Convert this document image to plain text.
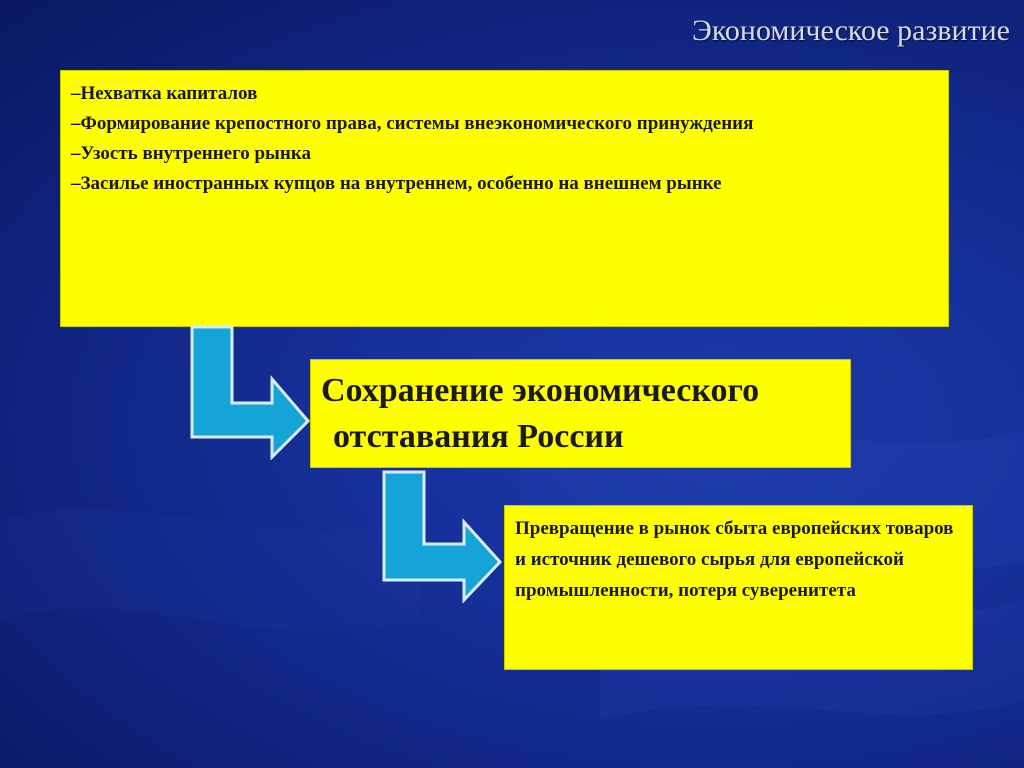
Экономическое развитие
– Нехватка капиталов
– Формирование крепостного права, системы внеэкономического принуждения
– Узость внутреннего рынка
– Засилье иностранных купцов на внутреннем, особенно на внешнем рынке
Сохранение экономического
отставания России
Превращение в рынок сбыта европейских товаров и источник дешевого сырья для европейской промышленности, потеря суверенитета
